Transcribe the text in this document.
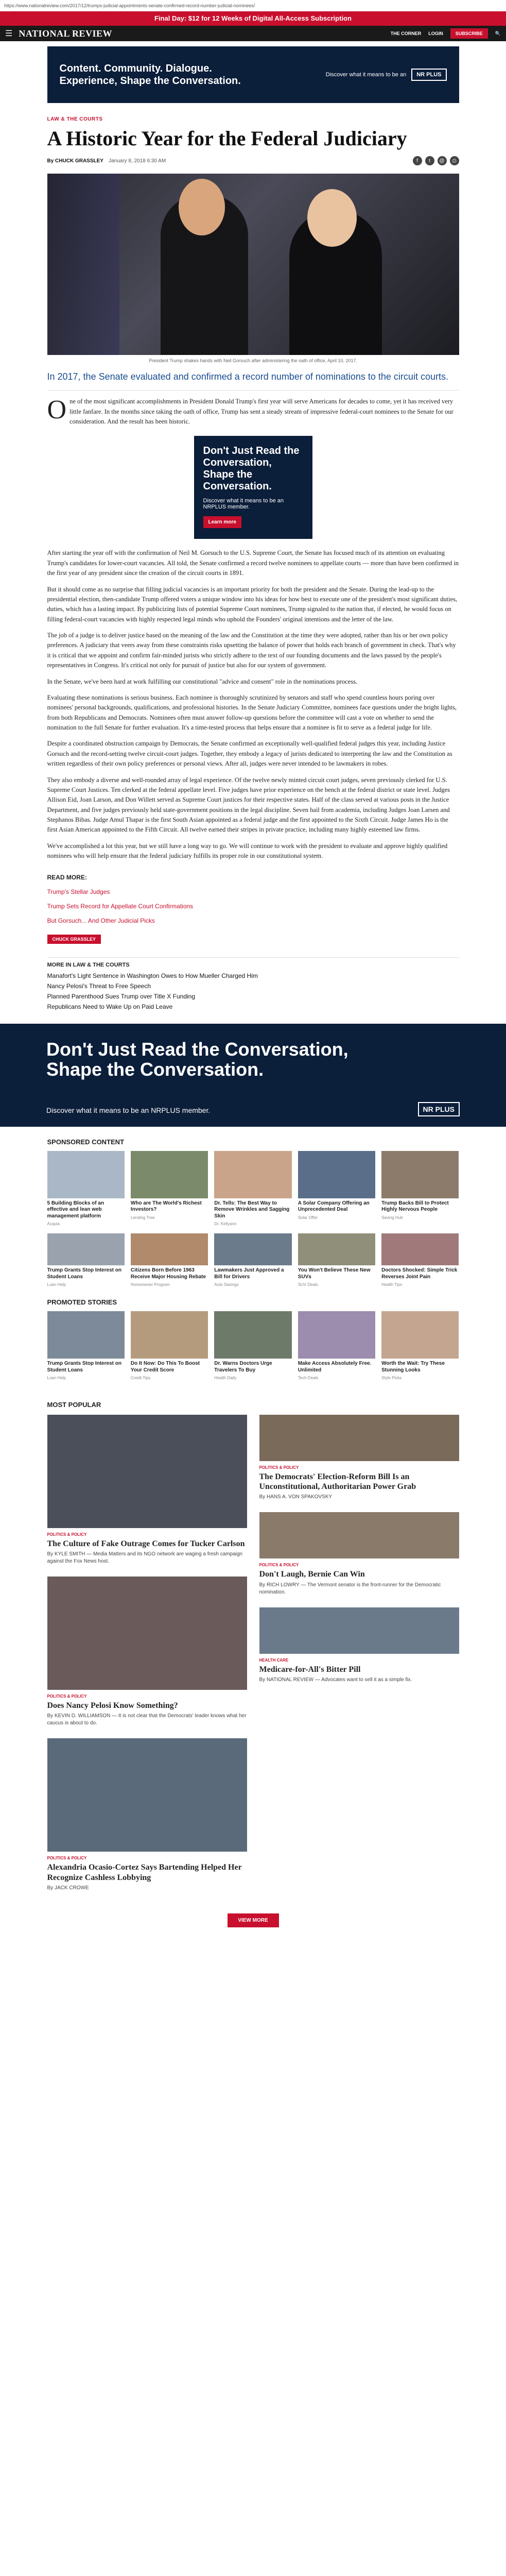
https://www.nationalreview.com/2017/12/trumps-judicial-appointments-senate-confirmed-record-number-judicial-nominees/
Final Day: $12 for 12 Weeks of Digital All-Access Subscription
☰ NATIONAL REVIEW	THE CORNER LOGIN	SUBSCRIBE	🔍
Content. Community. Dialogue.
Experience, Shape the Conversation.
Discover what it means to be an	NR PLUS
LAW & THE COURTS
A Historic Year for the Federal Judiciary
By CHUCK GRASSLEY January 8, 2018 6:30 AM	f	t	@	⎙
President Trump shakes hands with Neil Gorsuch after administering the oath of office, April 10, 2017.
In 2017, the Senate evaluated and confirmed a record number of nominations to the circuit courts.

One of the most significant accomplishments in President Donald Trump's first year will serve Americans for decades to come, yet it has received very little fanfare. In the months since taking the oath of office, Trump has sent a steady stream of impressive federal-court nominees to the Senate for our consideration. And the result has been historic.

Don't Just Read the Conversation,
Shape the Conversation.
Discover what it means to be an NRPLUS member.
Learn more

After starting the year off with the confirmation of Neil M. Gorsuch to the U.S. Supreme Court, the Senate has focused much of its attention on evaluating Trump's candidates for lower-court vacancies. All told, the Senate confirmed a record twelve nominees to appellate courts — more than have been confirmed in the first year of any president since the creation of the circuit courts in 1891.

But it should come as no surprise that filling judicial vacancies is an important priority for both the president and the Senate. During the lead-up to the presidential election, then-candidate Trump offered voters a unique window into his ideas for how best to execute one of the president's most significant duties, duties, which has a lasting impact. By publicizing lists of potential Supreme Court nominees, Trump signaled to the nation that, if elected, he would focus on filling federal-court vacancies with highly respected legal minds who uphold the Founders' original intentions and the letter of the law.

The job of a judge is to deliver justice based on the meaning of the law and the Constitution at the time they were adopted, rather than his or her own policy preferences. A judiciary that veers away from these constraints risks upsetting the balance of power that holds each branch of government in check. That's why it is critical that we appoint and confirm fair-minded jurists who strictly adhere to the text of our founding documents and the laws passed by the people's representatives in Congress. It's critical not only for pursuit of justice but also for our system of government.

In the Senate, we've been hard at work fulfilling our constitutional "advice and consent" role in the nominations process.

Evaluating these nominations is serious business. Each nominee is thoroughly scrutinized by senators and staff who spend countless hours poring over nominees' personal backgrounds, qualifications, and professional histories. In the Senate Judiciary Committee, nominees face questions under the bright lights, from both Republicans and Democrats. Nominees often must answer follow-up questions before the committee will cast a vote on whether to send the nomination to the full Senate for further evaluation. It's a time-tested process that helps ensure that a nominee is fit to serve as a federal judge for life.

Despite a coordinated obstruction campaign by Democrats, the Senate confirmed an exceptionally well-qualified federal judges this year, including Justice Gorsuch and the record-setting twelve circuit-court judges. Together, they embody a legacy of jurists dedicated to interpreting the law and the Constitution as written regardless of their own policy preferences or personal views. After all, judges were never intended to be lawmakers in robes.

They also embody a diverse and well-rounded array of legal experience. Of the twelve newly minted circuit court judges, seven previously clerked for U.S. Supreme Court Justices. Ten clerked at the federal appellate level. Five judges have prior experience on the bench at the federal district or state level. Judges Allison Eid, Joan Larson, and Don Willett served as Supreme Court justices for their respective states. Half of the class served at various posts in the Justice Department, and five judges previously held state-government positions in the legal discipline. Seven hail from academia, including Judges Joan Larsen and Stephanos Bibas. Judge Amul Thapar is the first South Asian appointed as a federal judge and the first appointed to the Sixth Circuit. Judge James Ho is the first Asian American appointed to the Fifth Circuit. All twelve earned their stripes in private practice, including many highly esteemed law firms.

We've accomplished a lot this year, but we still have a long way to go. We will continue to work with the president to evaluate and approve highly qualified nominees who will help ensure that the federal judiciary fulfills its proper role in our constitutional system.

READ MORE:
Trump's Stellar Judges
Trump Sets Record for Appellate Court Confirmations
But Gorsuch... And Other Judicial Picks
CHUCK GRASSLEY
MORE IN LAW & THE COURTS
Manafort's Light Sentence in Washington Owes to How Mueller Charged Him
Nancy Pelosi's Threat to Free Speech
Planned Parenthood Sues Trump over Title X Funding
Republicans Need to Wake Up on Paid Leave
Don't Just Read the Conversation,
Shape the Conversation.
Discover what it means to be an NRPLUS member.	NR PLUS
SPONSORED CONTENT
5 Building Blocks of an effective and lean web management platform
Acquia
Who are The World's Richest Investors?
Lending Tree
Dr. Tells: The Best Way to Remove Wrinkles and Sagging Skin
Dr. Kellyann
A Solar Company Offering an Unprecedented Deal
Solar Offer
Trump Backs Bill to Protect Highly Nervous People
Saving Hub
Trump Grants Stop Interest on Student Loans
Loan Help
Citizens Born Before 1963 Receive Major Housing Rebate
Homeowner Program
Lawmakers Just Approved a Bill for Drivers
Auto Savings
You Won't Believe These New SUVs
SUV Deals
Doctors Shocked: Simple Trick Reverses Joint Pain
Health Tips
PROMOTED STORIES
Trump Grants Stop Interest on Student Loans
Loan Help
Do It Now: Do This To Boost Your Credit Score
Credit Tips
Dr. Warns Doctors Urge Travelers To Buy
Health Daily
Make Access Absolutely Free. Unlimited
Tech Deals
Worth the Wait: Try These Stunning Looks
Style Picks
MOST POPULAR
POLITICS & POLICY
The Culture of Fake Outrage Comes for Tucker Carlson
By KYLE SMITH — Media Matters and its NGO network are waging a fresh campaign against the Fox News host.
POLITICS & POLICY
Does Nancy Pelosi Know Something?
By KEVIN D. WILLIAMSON — It is not clear that the Democrats' leader knows what her caucus is about to do.
POLITICS & POLICY
Alexandria Ocasio-Cortez Says Bartending Helped Her Recognize Cashless Lobbying
By JACK CROWE
POLITICS & POLICY
The Democrats' Election-Reform Bill Is an Unconstitutional, Authoritarian Power Grab
By HANS A. VON SPAKOVSKY
POLITICS & POLICY
Don't Laugh, Bernie Can Win
By RICH LOWRY — The Vermont senator is the front-runner for the Democratic nomination.
HEALTH CARE
Medicare-for-All's Bitter Pill
By NATIONAL REVIEW — Advocates want to sell it as a simple fix.
VIEW MORE
